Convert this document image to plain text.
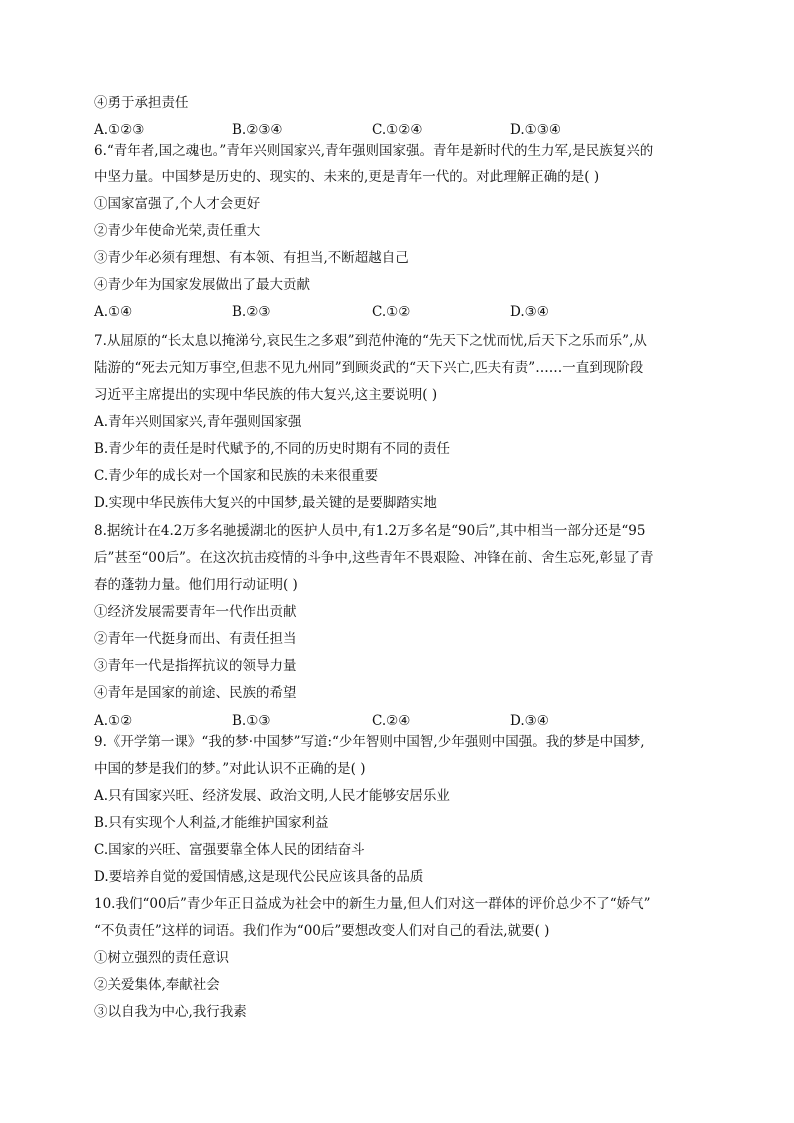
④勇于承担责任
A.①②③	B.②③④	C.①②④	D.①③④
6.“青年者,国之魂也。”青年兴则国家兴,青年强则国家强。青年是新时代的生力军,是民族复兴的
中坚力量。中国梦是历史的、现实的、未来的,更是青年一代的。对此理解正确的是( )
①国家富强了,个人才会更好
②青少年使命光荣,责任重大
③青少年必须有理想、有本领、有担当,不断超越自己
④青少年为国家发展做出了最大贡献
A.①④	B.②③	C.①②	D.③④
7.从屈原的“长太息以掩涕兮,哀民生之多艰”到范仲淹的“先天下之忧而忧,后天下之乐而乐”,从
陆游的“死去元知万事空,但悲不见九州同”到顾炎武的“天下兴亡,匹夫有责”……一直到现阶段
习近平主席提出的实现中华民族的伟大复兴,这主要说明( )
A.青年兴则国家兴,青年强则国家强
B.青少年的责任是时代赋予的,不同的历史时期有不同的责任
C.青少年的成长对一个国家和民族的未来很重要
D.实现中华民族伟大复兴的中国梦,最关键的是要脚踏实地
8.据统计在4.2万多名驰援湖北的医护人员中,有1.2万多名是“90后”,其中相当一部分还是“95
后”甚至“00后”。在这次抗击疫情的斗争中,这些青年不畏艰险、冲锋在前、舍生忘死,彰显了青
春的蓬勃力量。他们用行动证明( )
①经济发展需要青年一代作出贡献
②青年一代挺身而出、有责任担当
③青年一代是指挥抗议的领导力量
④青年是国家的前途、民族的希望
A.①②	B.①③	C.②④	D.③④
9.《开学第一课》“我的梦·中国梦”写道:“少年智则中国智,少年强则中国强。我的梦是中国梦,
中国的梦是我们的梦。”对此认识不正确的是( )
A.只有国家兴旺、经济发展、政治文明,人民才能够安居乐业
B.只有实现个人利益,才能维护国家利益
C.国家的兴旺、富强要靠全体人民的团结奋斗
D.要培养自觉的爱国情感,这是现代公民应该具备的品质
10.我们“00后”青少年正日益成为社会中的新生力量,但人们对这一群体的评价总少不了“娇气”
“不负责任”这样的词语。我们作为“00后”要想改变人们对自己的看法,就要( )
①树立强烈的责任意识
②关爱集体,奉献社会
③以自我为中心,我行我素
